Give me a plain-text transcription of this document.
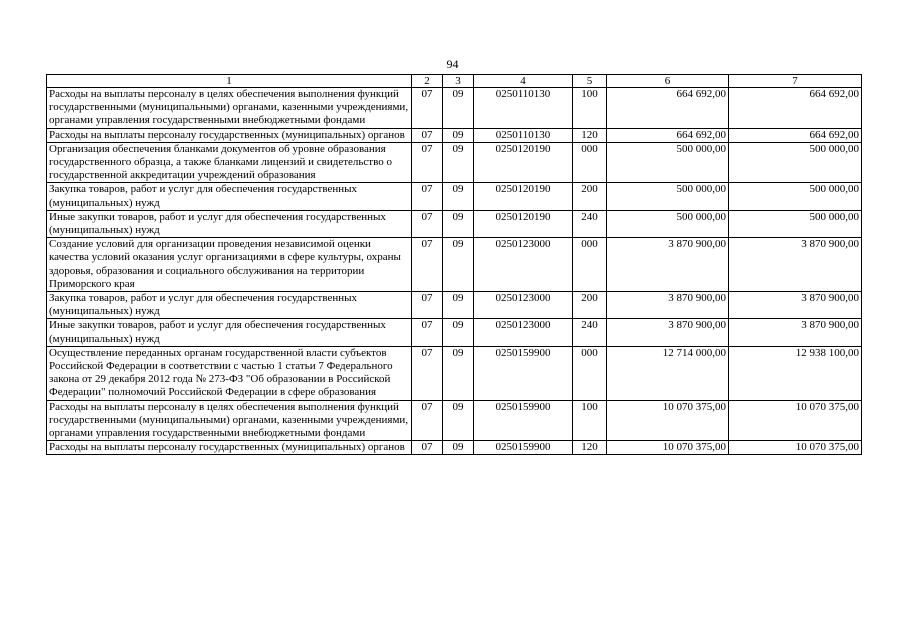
94
1	2	3	4	5	6	7
Расходы на выплаты персоналу в целях обеспечения выполнения функций государственными (муниципальными) органами, казенными учреждениями, органами управления государственными внебюджетными фондами	07	09	0250110130	100	664 692,00	664 692,00
Расходы на выплаты персоналу государственных (муниципальных) органов	07	09	0250110130	120	664 692,00	664 692,00
Организация обеспечения бланками документов об уровне образования государственного образца, а также бланками лицензий и свидетельство о государственной аккредитации учреждений образования	07	09	0250120190	000	500 000,00	500 000,00
Закупка товаров, работ и услуг для обеспечения государственных (муниципальных) нужд	07	09	0250120190	200	500 000,00	500 000,00
Иные закупки товаров, работ и услуг для обеспечения государственных (муниципальных) нужд	07	09	0250120190	240	500 000,00	500 000,00
Создание условий для организации проведения независимой оценки качества условий оказания услуг организациями в сфере культуры, охраны здоровья, образования и социального обслуживания на территории Приморского края	07	09	0250123000	000	3 870 900,00	3 870 900,00
Закупка товаров, работ и услуг для обеспечения государственных (муниципальных) нужд	07	09	0250123000	200	3 870 900,00	3 870 900,00
Иные закупки товаров, работ и услуг для обеспечения государственных (муниципальных) нужд	07	09	0250123000	240	3 870 900,00	3 870 900,00
Осуществление переданных органам государственной власти субъектов Российской Федерации в соответствии с частью 1 статьи 7 Федерального закона от 29 декабря 2012 года № 273-ФЗ "Об образовании в Российской Федерации" полномочий Российской Федерации в сфере образования	07	09	0250159900	000	12 714 000,00	12 938 100,00
Расходы на выплаты персоналу в целях обеспечения выполнения функций государственными (муниципальными) органами, казенными учреждениями, органами управления государственными внебюджетными фондами	07	09	0250159900	100	10 070 375,00	10 070 375,00
Расходы на выплаты персоналу государственных (муниципальных) органов	07	09	0250159900	120	10 070 375,00	10 070 375,00
